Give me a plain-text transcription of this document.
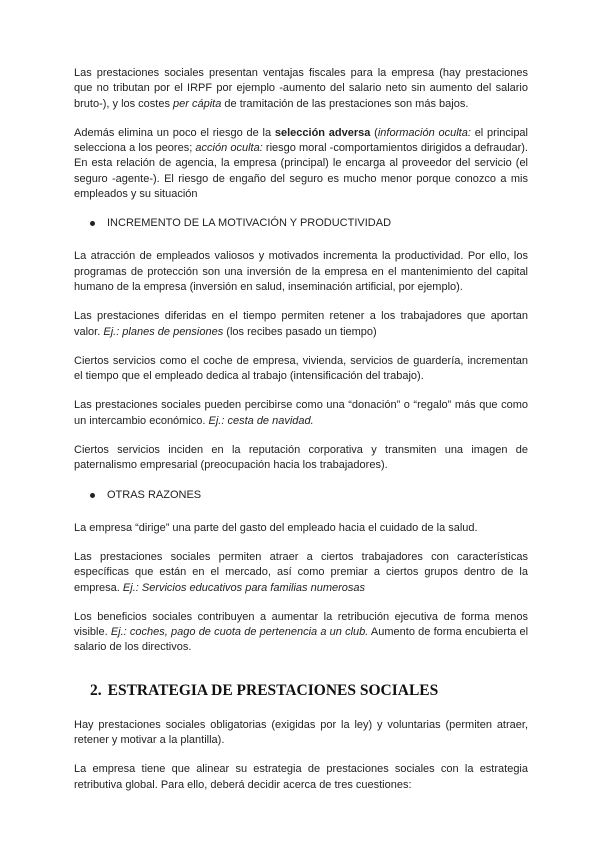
Las prestaciones sociales presentan ventajas fiscales para la empresa (hay prestaciones que no tributan por el IRPF por ejemplo -aumento del salario neto sin aumento del salario bruto-), y los costes per cápita de tramitación de las prestaciones son más bajos.

Además elimina un poco el riesgo de la selección adversa (información oculta: el principal selecciona a los peores; acción oculta: riesgo moral -comportamientos dirigidos a defraudar). En esta relación de agencia, la empresa (principal) le encarga al proveedor del servicio (el seguro -agente-). El riesgo de engaño del seguro es mucho menor porque conozco a mis empleados y su situación

INCREMENTO DE LA MOTIVACIÓN Y PRODUCTIVIDAD

La atracción de empleados valiosos y motivados incrementa la productividad. Por ello, los programas de protección son una inversión de la empresa en el mantenimiento del capital humano de la empresa (inversión en salud, inseminación artificial, por ejemplo).

Las prestaciones diferidas en el tiempo permiten retener a los trabajadores que aportan valor. Ej.: planes de pensiones (los recibes pasado un tiempo)

Ciertos servicios como el coche de empresa, vivienda, servicios de guardería, incrementan el tiempo que el empleado dedica al trabajo (intensificación del trabajo).

Las prestaciones sociales pueden percibirse como una “donación” o “regalo” más que como un intercambio económico. Ej.: cesta de navidad.

Ciertos servicios inciden en la reputación corporativa y transmiten una imagen de paternalismo empresarial (preocupación hacia los trabajadores).

OTRAS RAZONES

La empresa “dirige” una parte del gasto del empleado hacia el cuidado de la salud.

Las prestaciones sociales permiten atraer a ciertos trabajadores con características específicas que están en el mercado, así como premiar a ciertos grupos dentro de la empresa. Ej.: Servicios educativos para familias numerosas

Los beneficios sociales contribuyen a aumentar la retribución ejecutiva de forma menos visible. Ej.: coches, pago de cuota de pertenencia a un club. Aumento de forma encubierta el salario de los directivos.

2. ESTRATEGIA DE PRESTACIONES SOCIALES

Hay prestaciones sociales obligatorias (exigidas por la ley) y voluntarias (permiten atraer, retener y motivar a la plantilla).

La empresa tiene que alinear su estrategia de prestaciones sociales con la estrategia retributiva global. Para ello, deberá decidir acerca de tres cuestiones:
